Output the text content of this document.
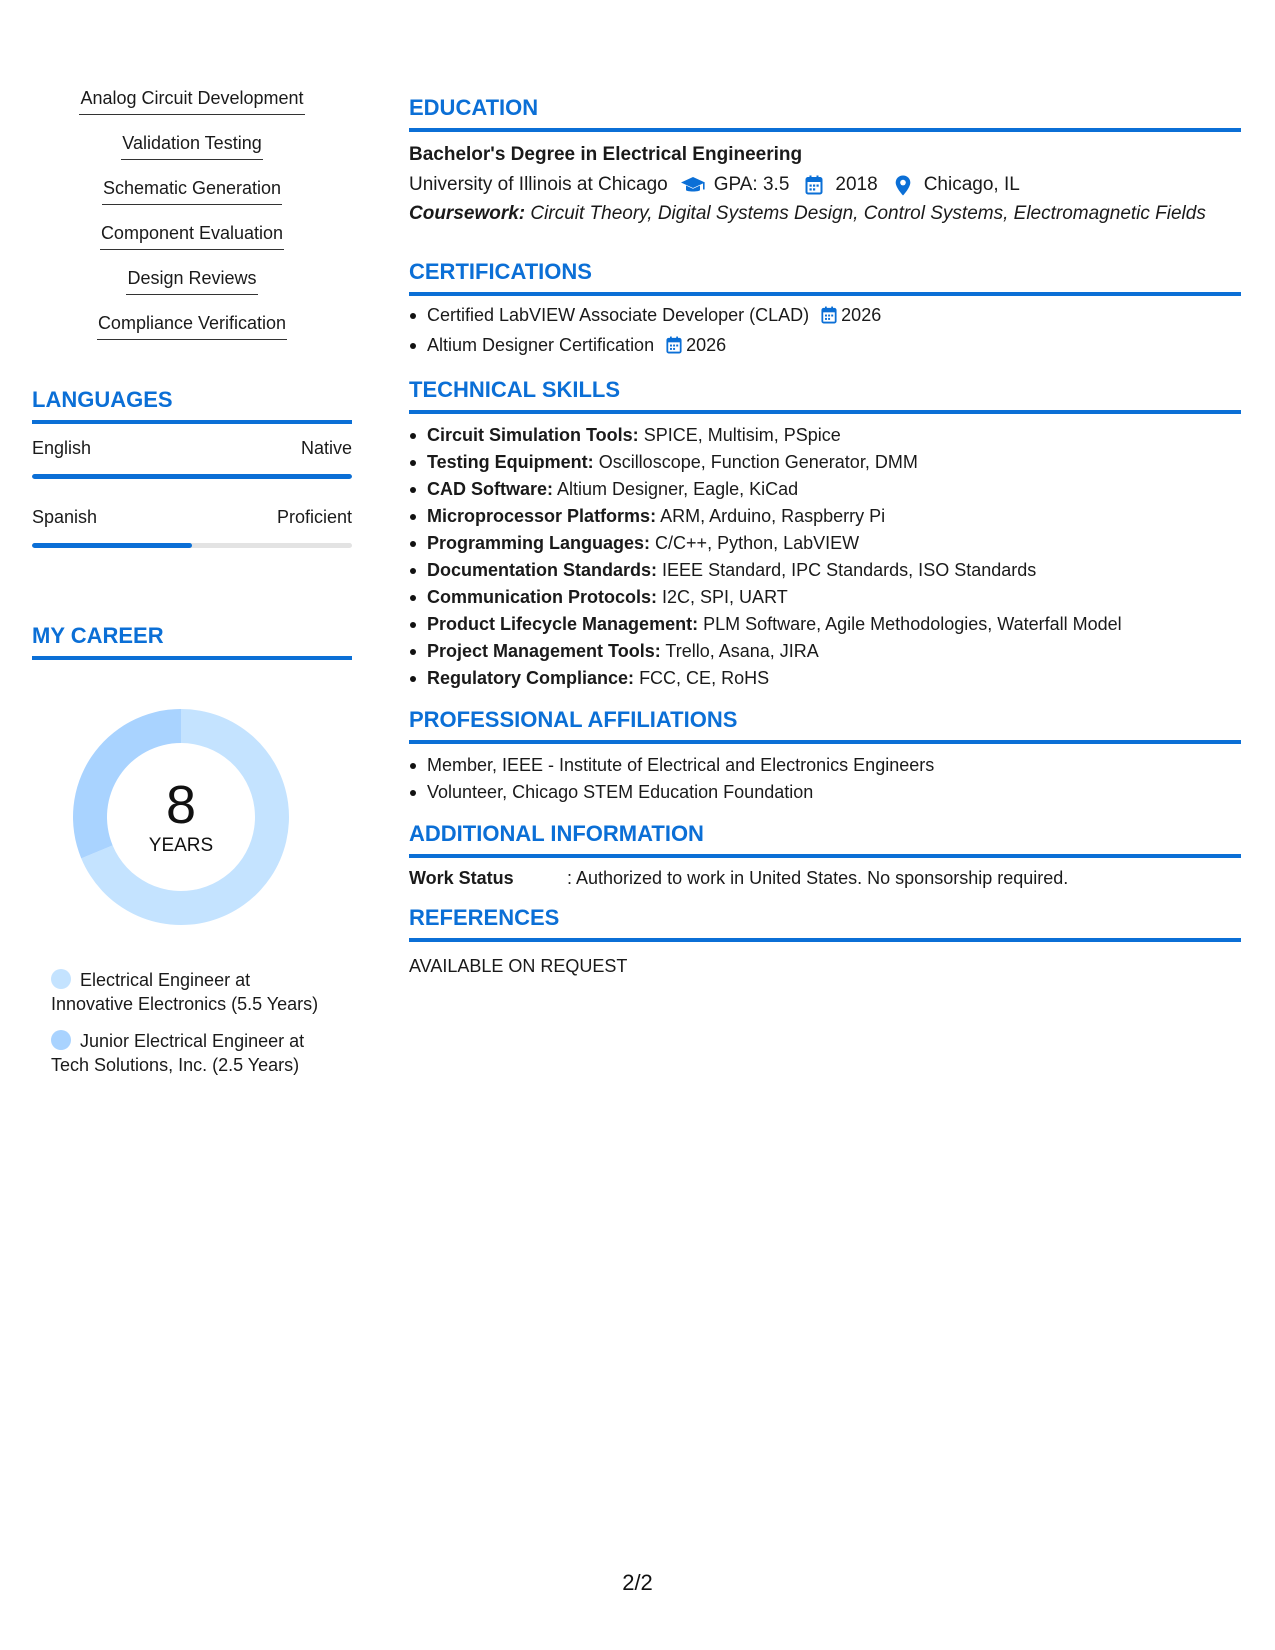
Analog Circuit Development
Validation Testing
Schematic Generation
Component Evaluation
Design Reviews
Compliance Verification
LANGUAGES
English	Native
Spanish	Proficient
MY CAREER
8
YEARS
Electrical Engineer at Innovative Electronics (5.5 Years)
Junior Electrical Engineer at Tech Solutions, Inc. (2.5 Years)
EDUCATION
Bachelor's Degree in Electrical Engineering
University of Illinois at Chicago GPA: 3.5 2018 Chicago, IL
Coursework: Circuit Theory, Digital Systems Design, Control Systems, Electromagnetic Fields
CERTIFICATIONS
Certified LabVIEW Associate Developer (CLAD) 2026
Altium Designer Certification 2026
TECHNICAL SKILLS
Circuit Simulation Tools: SPICE, Multisim, PSpice
Testing Equipment: Oscilloscope, Function Generator, DMM
CAD Software: Altium Designer, Eagle, KiCad
Microprocessor Platforms: ARM, Arduino, Raspberry Pi
Programming Languages: C/C++, Python, LabVIEW
Documentation Standards: IEEE Standard, IPC Standards, ISO Standards
Communication Protocols: I2C, SPI, UART
Product Lifecycle Management: PLM Software, Agile Methodologies, Waterfall Model
Project Management Tools: Trello, Asana, JIRA
Regulatory Compliance: FCC, CE, RoHS
PROFESSIONAL AFFILIATIONS
Member, IEEE - Institute of Electrical and Electronics Engineers
Volunteer, Chicago STEM Education Foundation
ADDITIONAL INFORMATION
Work Status	: Authorized to work in United States. No sponsorship required.
REFERENCES
AVAILABLE ON REQUEST
2/2
